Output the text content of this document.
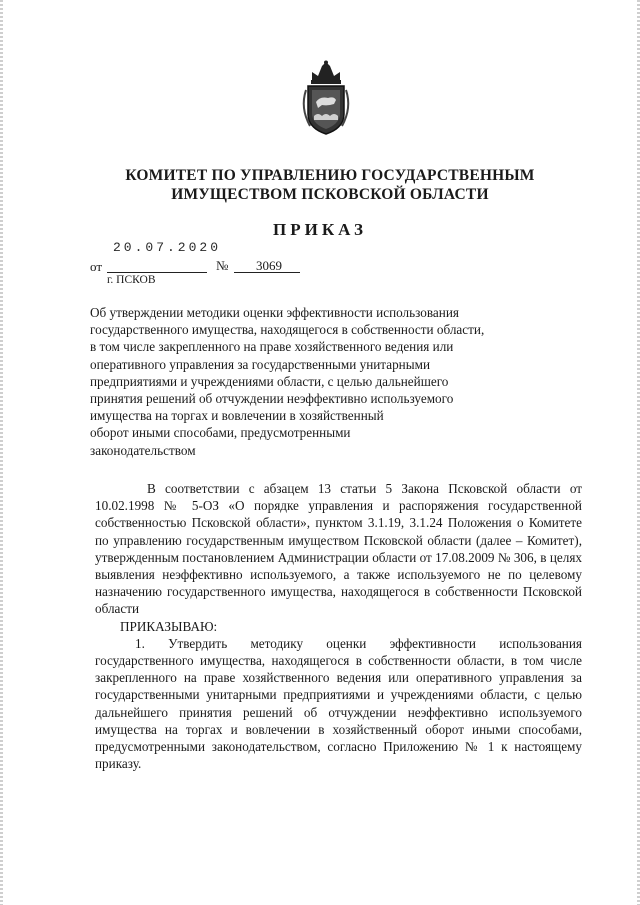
КОМИТЕТ ПО УПРАВЛЕНИЮ ГОСУДАРСТВЕННЫМ
ИМУЩЕСТВОМ ПСКОВСКОЙ ОБЛАСТИ
ПРИКАЗ
20.07.2020
от	№ 3069
г. ПСКОВ
Об утверждении методики оценки эффективности использования
государственного имущества, находящегося в собственности области,
в том числе закрепленного на праве хозяйственного ведения или
оперативного управления за государственными унитарными
предприятиями и учреждениями области, с целью дальнейшего
принятия решений об отчуждении неэффективно используемого
имущества на торгах и вовлечении в хозяйственный
оборот иными способами, предусмотренными
законодательством

В соответствии с абзацем 13 статьи 5 Закона Псковской области от 10.02.1998 № 5-ОЗ «О порядке управления и распоряжения государственной собственностью Псковской области», пунктом 3.1.19, 3.1.24 Положения о Комитете по управлению государственным имуществом Псковской области (далее – Комитет), утвержденным постановлением Администрации области от 17.08.2009 № 306, в целях выявления неэффективно используемого, а также используемого не по целевому назначению государственного имущества, находящегося в собственности Псковской области

ПРИКАЗЫВАЮ:

1. Утвердить методику оценки эффективности использования государственного имущества, находящегося в собственности области, в том числе закрепленного на праве хозяйственного ведения или оперативного управления за государственными унитарными предприятиями и учреждениями области, с целью дальнейшего принятия решений об отчуждении неэффективно используемого имущества на торгах и вовлечении в хозяйственный оборот иными способами, предусмотренными законодательством, согласно Приложению № 1 к настоящему приказу.
